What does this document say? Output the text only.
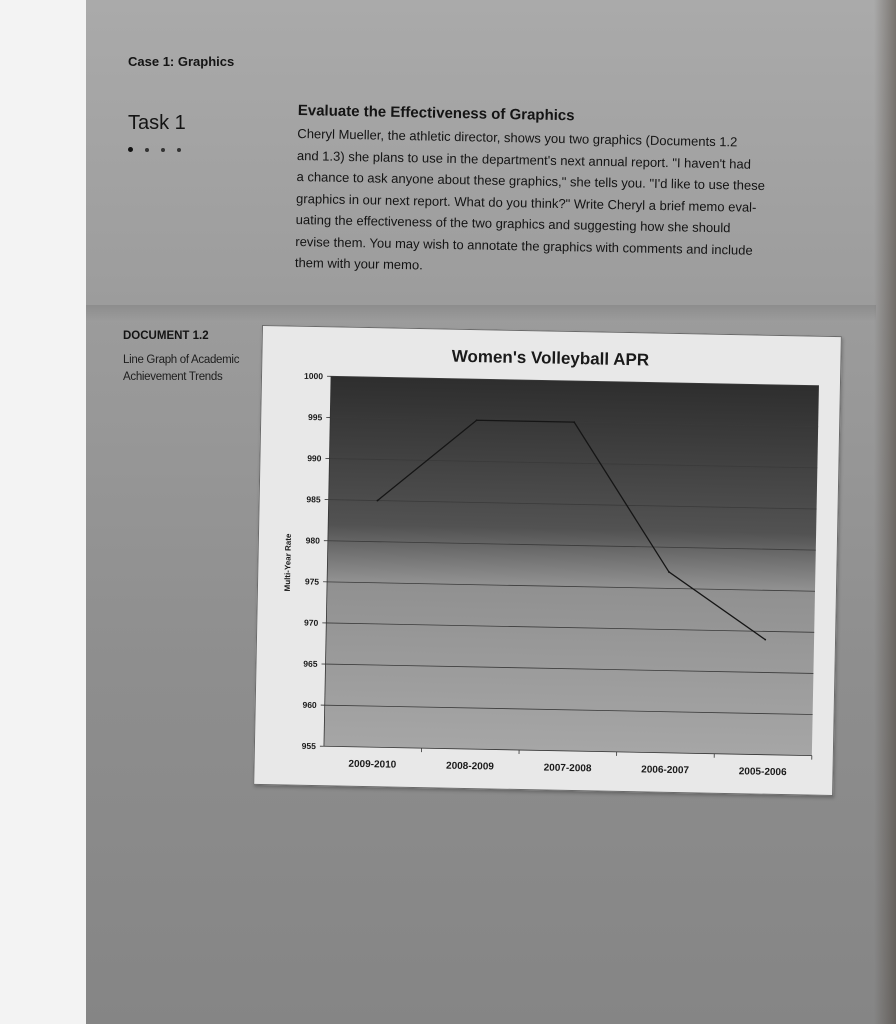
Case 1: Graphics
Task 1	Evaluate the Effectiveness of Graphics
Cheryl Mueller, the athletic director, shows you two graphics (Documents 1.2
and 1.3) she plans to use in the department's next annual report. "I haven't had
a chance to ask anyone about these graphics," she tells you. "I'd like to use these
graphics in our next report. What do you think?" Write Cheryl a brief memo eval-
uating the effectiveness of the two graphics and suggesting how she should
revise them. You may wish to annotate the graphics with comments and include
them with your memo.
DOCUMENT 1.2
Line Graph of Academic
Achievement Trends
Women's Volleyball APR
1000
995
990
985
980
975
970
965
960
955
2009-2010	2008-2009	2007-2008	2006-2007	2005-2006
Multi-Year Rate
